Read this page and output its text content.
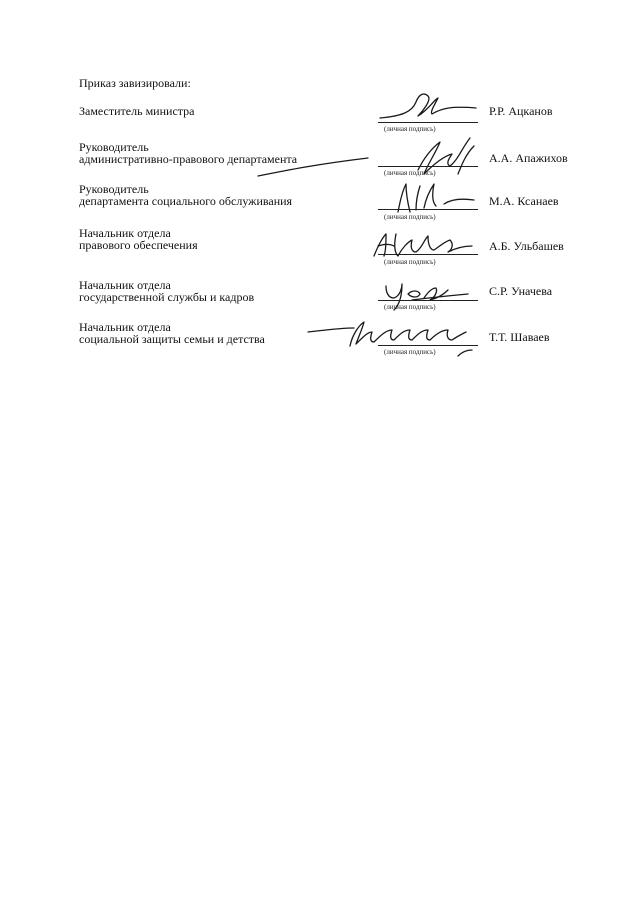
Приказ завизировали:
Заместитель министра
(личная подпись)
Р.Р. Ацканов
Руководитель
административно-правового департамента
(личная подпись)
А.А. Апажихов
Руководитель
департамента социального обслуживания
(личная подпись)
М.А. Ксанаев
Начальник отдела
правового обеспечения
(личная подпись)
А.Б. Ульбашев
Начальник отдела
государственной службы и кадров
(личная подпись)
С.Р. Уначева
Начальник отдела
социальной защиты семьи и детства
(личная подпись)
Т.Т. Шаваев
